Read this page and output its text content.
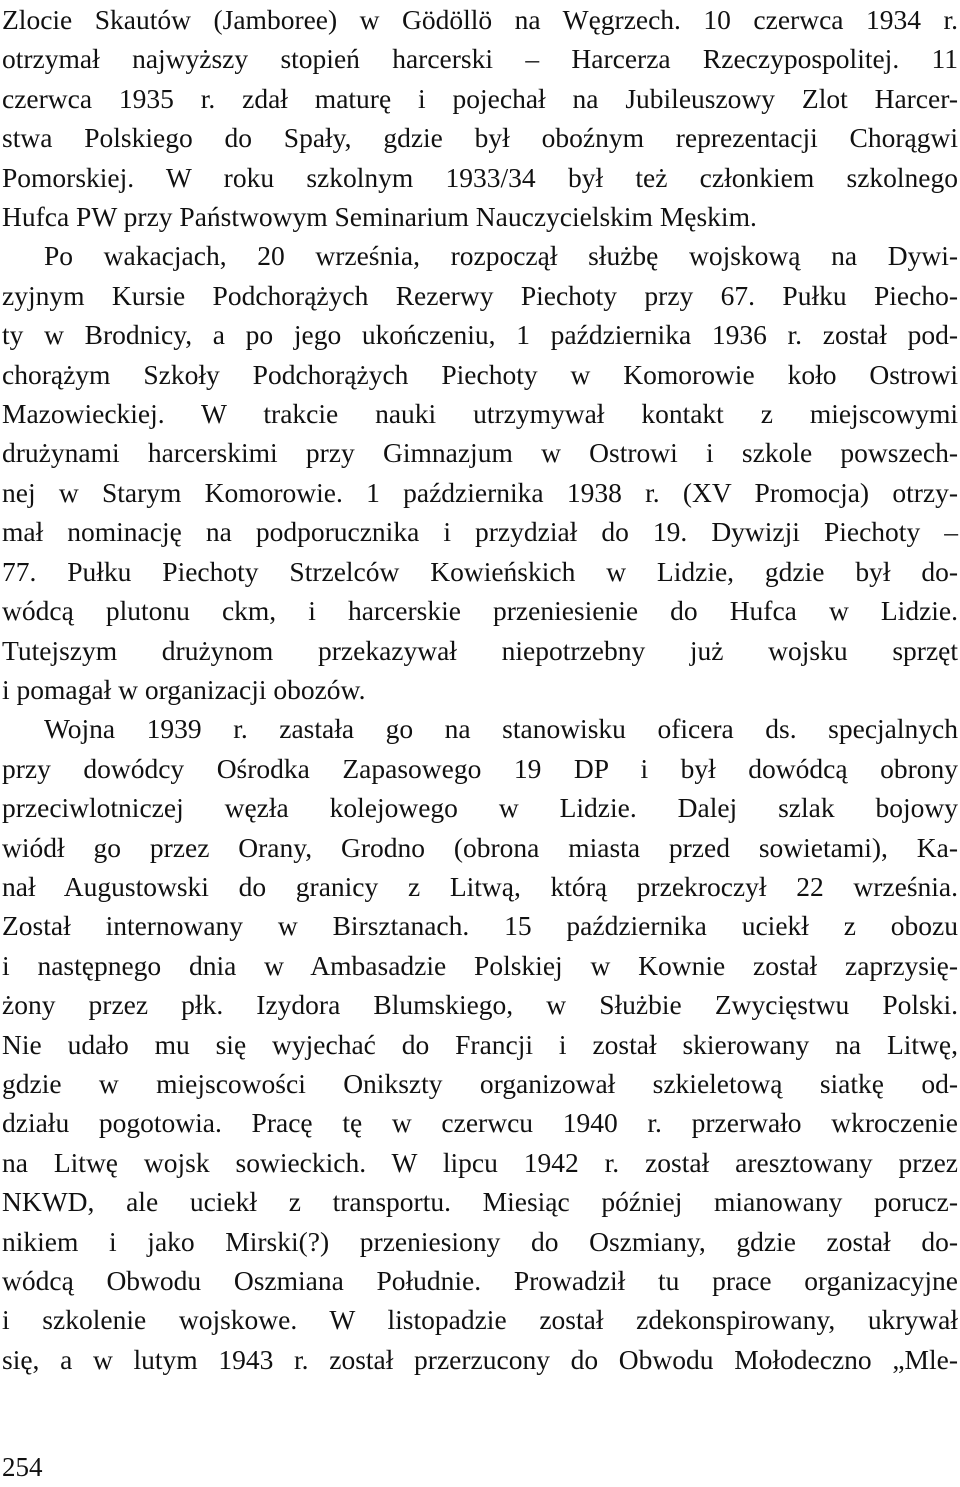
Zlocie Skautów (Jamboree) w Gödöllö na Węgrzech. 10 czerwca 1934 r.
otrzymał najwyższy stopień harcerski – Harcerza Rzeczypospolitej. 11
czerwca 1935 r. zdał maturę i pojechał na Jubileuszowy Zlot Harcer-
stwa Polskiego do Spały, gdzie był oboźnym reprezentacji Chorągwi
Pomorskiej. W roku szkolnym 1933/34 był też członkiem szkolnego
Hufca PW przy Państwowym Seminarium Nauczycielskim Męskim.
Po wakacjach, 20 września, rozpoczął służbę wojskową na Dywi-
zyjnym Kursie Podchorążych Rezerwy Piechoty przy 67. Pułku Piecho-
ty w Brodnicy, a po jego ukończeniu, 1 października 1936 r. został pod-
chorążym Szkoły Podchorążych Piechoty w Komorowie koło Ostrowi
Mazowieckiej. W trakcie nauki utrzymywał kontakt z miejscowymi
drużynami harcerskimi przy Gimnazjum w Ostrowi i szkole powszech-
nej w Starym Komorowie. 1 października 1938 r. (XV Promocja) otrzy-
mał nominację na podporucznika i przydział do 19. Dywizji Piechoty –
77. Pułku Piechoty Strzelców Kowieńskich w Lidzie, gdzie był do-
wódcą plutonu ckm, i harcerskie przeniesienie do Hufca w Lidzie.
Tutejszym drużynom przekazywał niepotrzebny już wojsku sprzęt
i pomagał w organizacji obozów.
Wojna 1939 r. zastała go na stanowisku oficera ds. specjalnych
przy dowódcy Ośrodka Zapasowego 19 DP i był dowódcą obrony
przeciwlotniczej węzła kolejowego w Lidzie. Dalej szlak bojowy
wiódł go przez Orany, Grodno (obrona miasta przed sowietami), Ka-
nał Augustowski do granicy z Litwą, którą przekroczył 22 września.
Został internowany w Birsztanach. 15 października uciekł z obozu
i następnego dnia w Ambasadzie Polskiej w Kownie został zaprzysię-
żony przez płk. Izydora Blumskiego, w Służbie Zwycięstwu Polski.
Nie udało mu się wyjechać do Francji i został skierowany na Litwę,
gdzie w miejscowości Onikszty organizował szkieletową siatkę od-
działu pogotowia. Pracę tę w czerwcu 1940 r. przerwało wkroczenie
na Litwę wojsk sowieckich. W lipcu 1942 r. został aresztowany przez
NKWD, ale uciekł z transportu. Miesiąc później mianowany porucz-
nikiem i jako Mirski(?) przeniesiony do Oszmiany, gdzie został do-
wódcą Obwodu Oszmiana Południe. Prowadził tu prace organizacyjne
i szkolenie wojskowe. W listopadzie został zdekonspirowany, ukrywał
się, a w lutym 1943 r. został przerzucony do Obwodu Mołodeczno „Mle-
254
